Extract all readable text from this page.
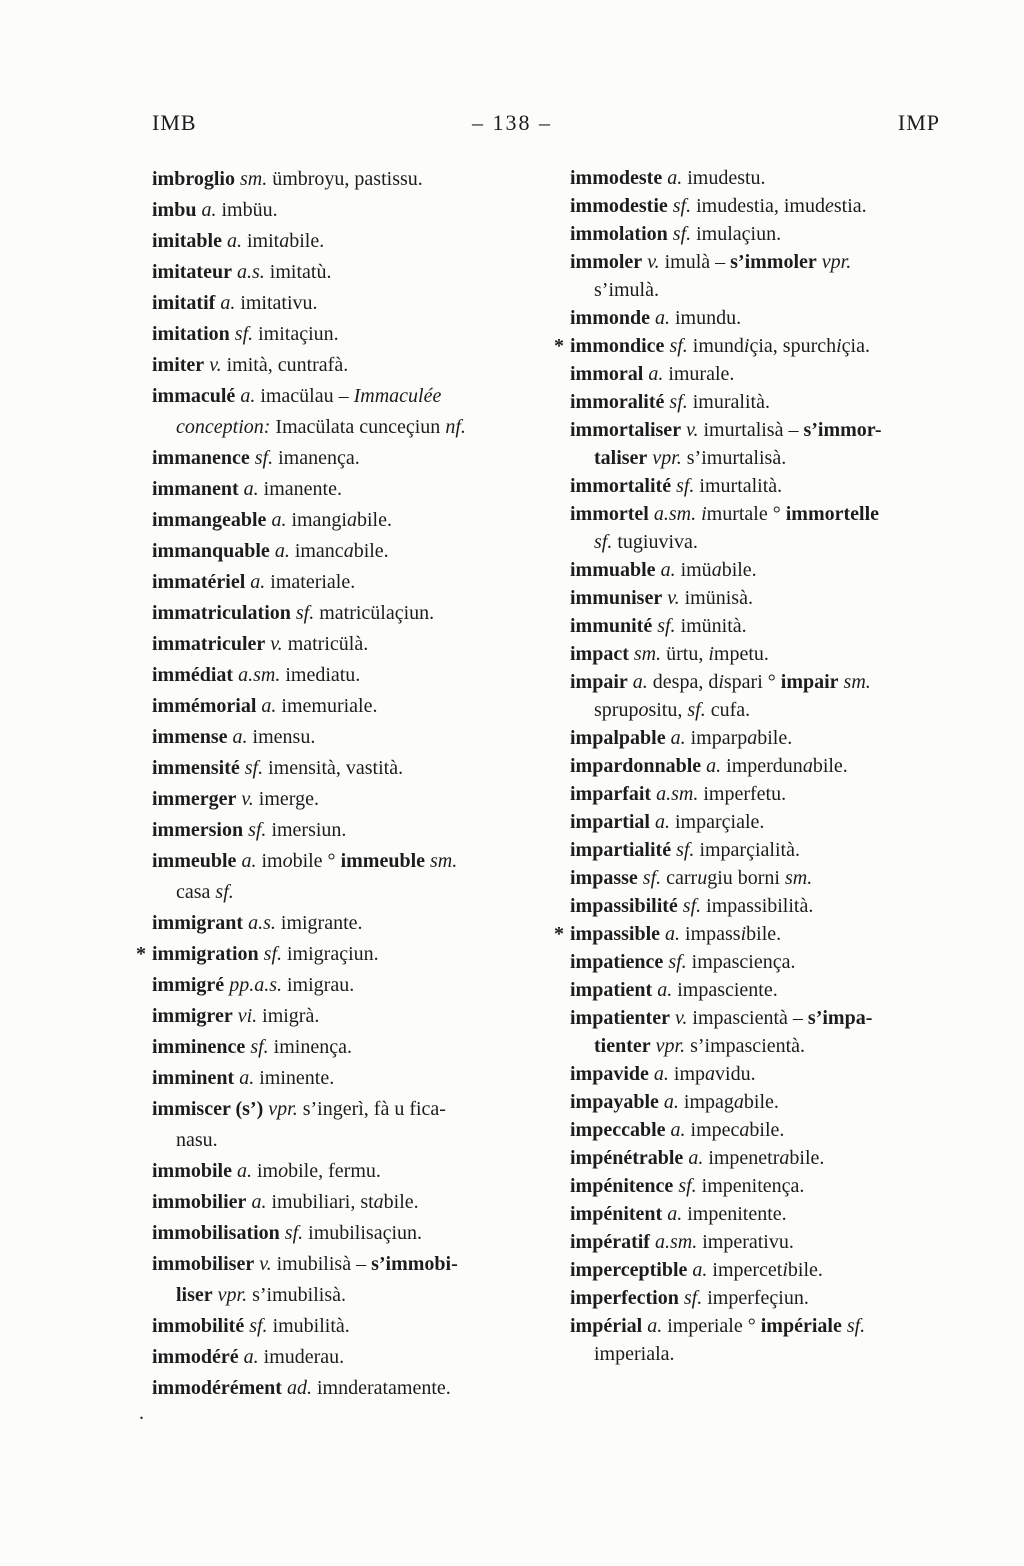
IMB	– 138 –	IMP
imbroglio sm. ümbroyu, pastissu.
imbu a. imbüu.
imitable a. imitabile.
imitateur a.s. imitatù.
imitatif a. imitativu.
imitation sf. imitaçiun.
imiter v. imità, cuntrafà.
immaculé a. imacülau – Immaculée
conception: Imacülata cunceçiun nf.
immanence sf. imanença.
immanent a. imanente.
immangeable a. imangiabile.
immanquable a. imancabile.
immatériel a. imateriale.
immatriculation sf. matricülaçiun.
immatriculer v. matricülà.
immédiat a.sm. imediatu.
immémorial a. imemuriale.
immense a. imensu.
immensité sf. imensità, vastità.
immerger v. imerge.
immersion sf. imersiun.
immeuble a. imobile ° immeuble sm.
casa sf.
immigrant a.s. imigrante.
* immigration sf. imigraçiun.
immigré pp.a.s. imigrau.
immigrer vi. imigrà.
imminence sf. iminença.
imminent a. iminente.
immiscer (s’) vpr. s’ingerì, fà u fica-
nasu.
immobile a. imobile, fermu.
immobilier a. imubiliari, stabile.
immobilisation sf. imubilisaçiun.
immobiliser v. imubilisà – s’immobi-
liser vpr. s’imubilisà.
immobilité sf. imubilità.
immodéré a. imuderau.
immodérément ad. imnderatamente.
immodeste a. imudestu.
immodestie sf. imudestia, imudestia.
immolation sf. imulaçiun.
immoler v. imulà – s’immoler vpr.
s’imulà.
immonde a. imundu.
* immondice sf. imundiçia, spurchiçia.
immoral a. imurale.
immoralité sf. imuralità.
immortaliser v. imurtalisà – s’immor-
taliser vpr. s’imurtalisà.
immortalité sf. imurtalità.
immortel a.sm. imurtale ° immortelle
sf. tugiuviva.
immuable a. imüabile.
immuniser v. imünisà.
immunité sf. imünità.
impact sm. ürtu, impetu.
impair a. despa, dispari ° impair sm.
sprupositu, sf. cufa.
impalpable a. imparpabile.
impardonnable a. imperdunabile.
imparfait a.sm. imperfetu.
impartial a. imparçiale.
impartialité sf. imparçialità.
impasse sf. carrugiu borni sm.
impassibilité sf. impassibilità.
* impassible a. impassibile.
impatience sf. impasciença.
impatient a. impasciente.
impatienter v. impascientà – s’impa-
tienter vpr. s’impascientà.
impavide a. impavidu.
impayable a. impagabile.
impeccable a. impecabile.
impénétrable a. impenetrabile.
impénitence sf. impenitença.
impénitent a. impenitente.
impératif a.sm. imperativu.
imperceptible a. impercetibile.
imperfection sf. imperfeçiun.
impérial a. imperiale ° impériale sf.
imperiala.
.
